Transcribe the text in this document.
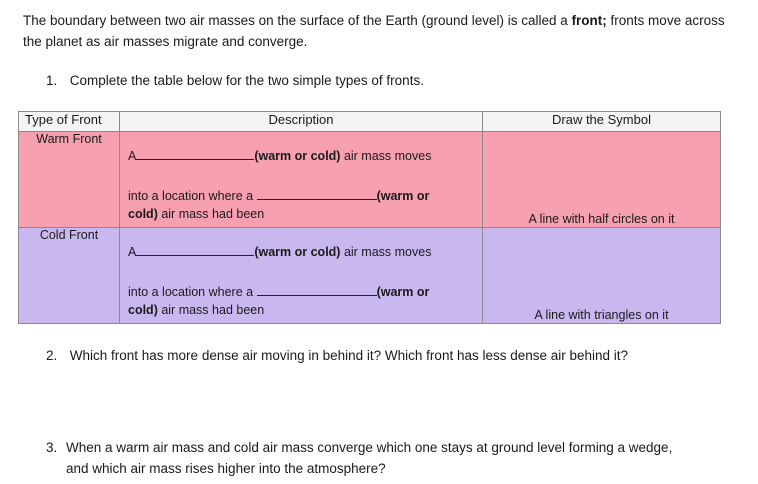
The boundary between two air masses on the surface of the Earth (ground level) is called a front; fronts move across the planet as air masses migrate and converge.
1. Complete the table below for the two simple types of fronts.
Type of Front	Description	Draw the Symbol
Warm Front	A (warm or cold) air mass moves
into a location where a (warm or
cold) air mass had been	A line with half circles on it

Cold Front	A (warm or cold) air mass moves
into a location where a (warm or
cold) air mass had been	A line with triangles on it
2. Which front has more dense air moving in behind it? Which front has less dense air behind it?
3. When a warm air mass and cold air mass converge which one stays at ground level forming a wedge,
and which air mass rises higher into the atmosphere?
